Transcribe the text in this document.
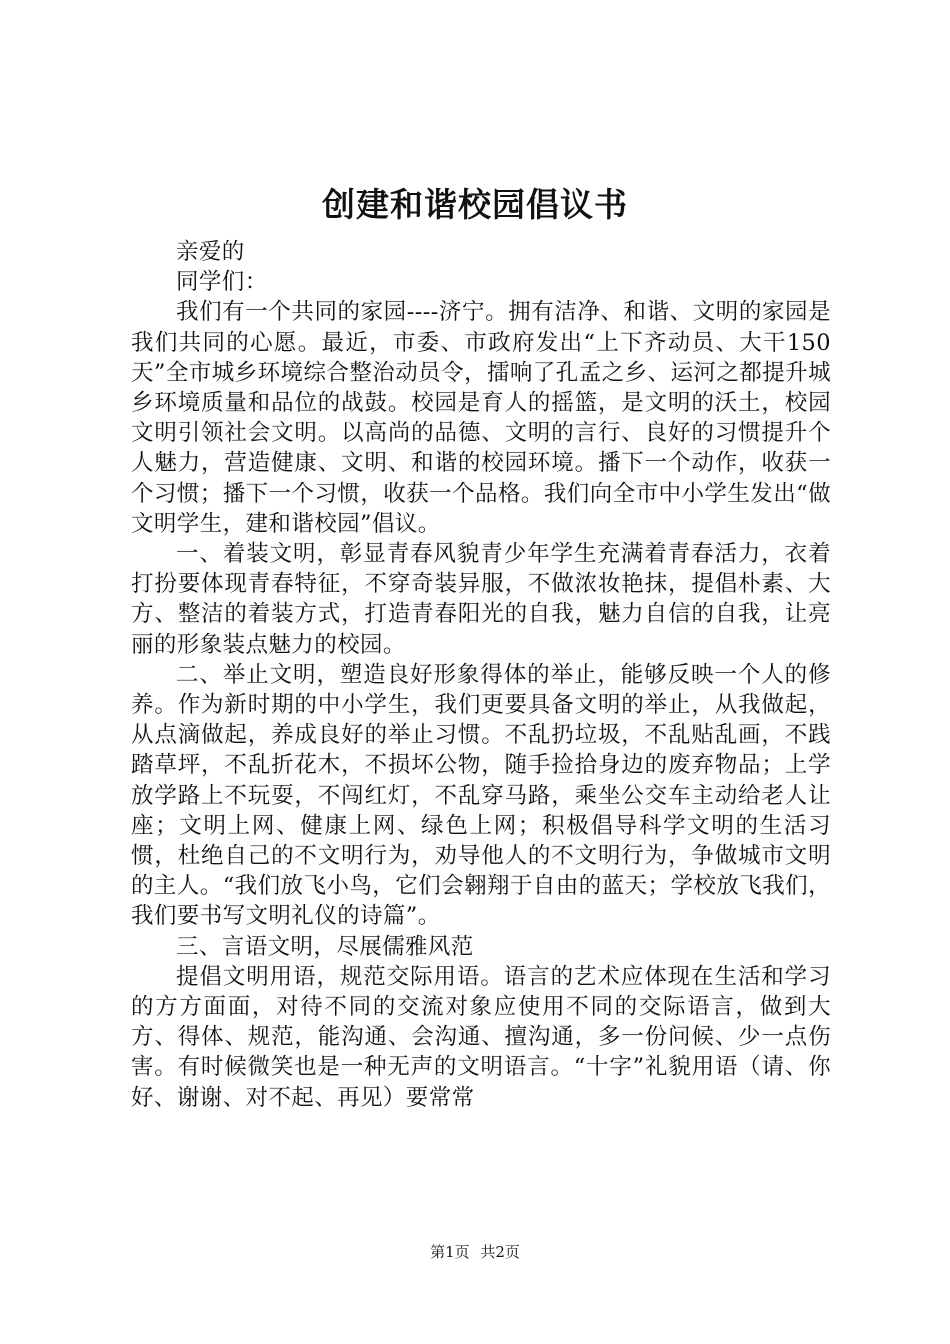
创建和谐校园倡议书

亲爱的

同学们：

我们有一个共同的家园----济宁。拥有洁净、和谐、文明的家园是我们共同的心愿。最近，市委、市政府发出“上下齐动员、大干150天”全市城乡环境综合整治动员令，擂响了孔孟之乡、运河之都提升城乡环境质量和品位的战鼓。校园是育人的摇篮，是文明的沃土，校园文明引领社会文明。以高尚的品德、文明的言行、良好的习惯提升个人魅力，营造健康、文明、和谐的校园环境。播下一个动作，收获一个习惯；播下一个习惯，收获一个品格。我们向全市中小学生发出“做文明学生，建和谐校园”倡议。

一、着装文明，彰显青春风貌青少年学生充满着青春活力，衣着打扮要体现青春特征，不穿奇装异服，不做浓妆艳抹，提倡朴素、大方、整洁的着装方式，打造青春阳光的自我，魅力自信的自我，让亮丽的形象装点魅力的校园。

二、举止文明，塑造良好形象得体的举止，能够反映一个人的修养。作为新时期的中小学生，我们更要具备文明的举止，从我做起，从点滴做起，养成良好的举止习惯。不乱扔垃圾，不乱贴乱画，不践踏草坪，不乱折花木，不损坏公物，随手捡拾身边的废弃物品；上学放学路上不玩耍，不闯红灯，不乱穿马路，乘坐公交车主动给老人让座；文明上网、健康上网、绿色上网；积极倡导科学文明的生活习惯，杜绝自己的不文明行为，劝导他人的不文明行为，争做城市文明的主人。“我们放飞小鸟，它们会翱翔于自由的蓝天；学校放飞我们，我们要书写文明礼仪的诗篇”。

三、言语文明，尽展儒雅风范

提倡文明用语，规范交际用语。语言的艺术应体现在生活和学习的方方面面，对待不同的交流对象应使用不同的交际语言，做到大方、得体、规范，能沟通、会沟通、擅沟通，多一份问候、少一点伤害。有时候微笑也是一种无声的文明语言。“十字”礼貌用语（请、你好、谢谢、对不起、再见）要常常

第1页 共2页
